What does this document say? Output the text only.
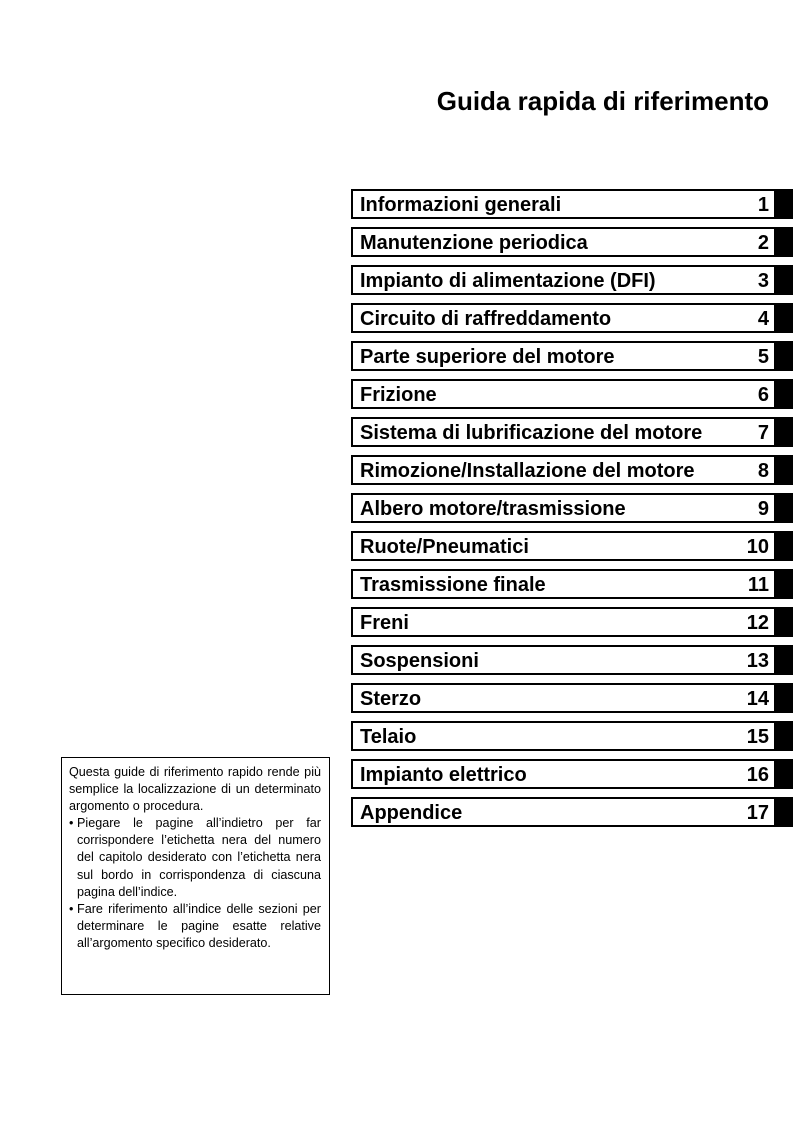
Guida rapida di riferimento
Informazioni generali	1
Manutenzione periodica	2
Impianto di alimentazione (DFI)	3
Circuito di raffreddamento	4
Parte superiore del motore	5
Frizione	6
Sistema di lubrificazione del motore	7
Rimozione/Installazione del motore	8
Albero motore/trasmissione	9
Ruote/Pneumatici	10
Trasmissione finale	11
Freni	12
Sospensioni	13
Sterzo	14
Telaio	15
Impianto elettrico	16
Appendice	17
Questa guide di riferimento rapido rende più semplice la localizzazione di un determinato argomento o procedura.
• Piegare le pagine all’indietro per far corrispondere l’etichetta nera del numero del capitolo desiderato con l’etichetta nera sul bordo in corrispondenza di ciascuna pagina dell’indice.
• Fare riferimento all’indice delle sezioni per determinare le pagine esatte relative all’argomento specifico desiderato.
